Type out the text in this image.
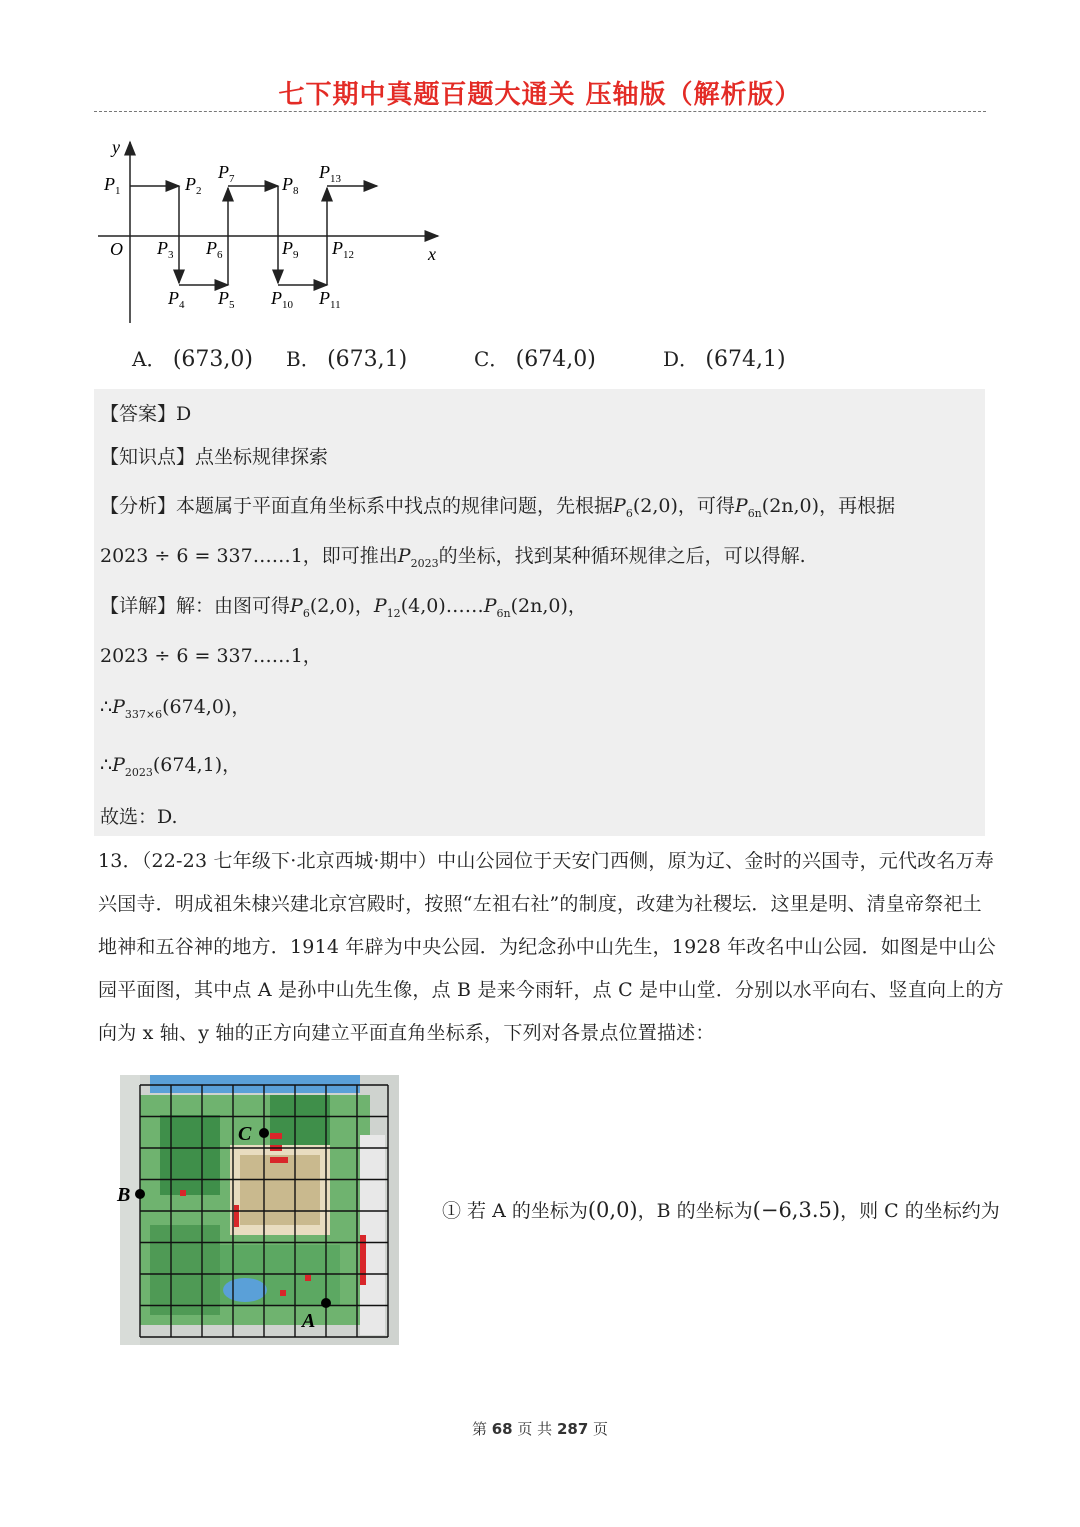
七下期中真题百题大通关 压轴版（解析版）
y
x
O
$P_1$	$P_2$
$P_7$	$P_8$
$P_{13}$
$P_3$ $P_6$	$P_9$ $P_{12}$
$P_4$ $P_5$ $P_{10}$ $P_{11}$
A． (673,0) B． (673,1)	C． (674,0)	D． (674,1)
【答案】D
【知识点】点坐标规律探索
【分析】本题属于平面直角坐标系中找点的规律问题，先根据$P_6(2,0)$，可得$P_{6n}(2n,0)$，再根据
2023 ÷ 6 = 337……1，即可推出$P_{2023}$的坐标，找到某种循环规律之后，可以得解.
【详解】解：由图可得$P_6(2,0)$，$P_{12}(4,0)\dots\dots P_{6n}(2n,0)$，
2023 ÷ 6 = 337……1，
$\therefore P_{337\times 6}(674,0)$，
$\therefore P_{2023}(674,1)$，
故选：D.
13．（22-23 七年级下·北京西城·期中）中山公园位于天安门西侧，原为辽、金时的兴国寺，元代改名万寿
兴国寺．明成祖朱棣兴建北京宫殿时，按照“左祖右社”的制度，改建为社稷坛．这里是明、清皇帝祭祀土
地神和五谷神的地方．1914 年辟为中央公园．为纪念孙中山先生，1928 年改名中山公园．如图是中山公
园平面图，其中点 A 是孙中山先生像，点 B 是来今雨轩，点 C 是中山堂．分别以水平向右、竖直向上的方
向为 x 轴、y 轴的正方向建立平面直角坐标系，下列对各景点位置描述：
A
B
C
① 若 A 的坐标为(0,0)，B 的坐标为(−6,3.5)，则 C 的坐标约为
第 68 页 共 287 页
